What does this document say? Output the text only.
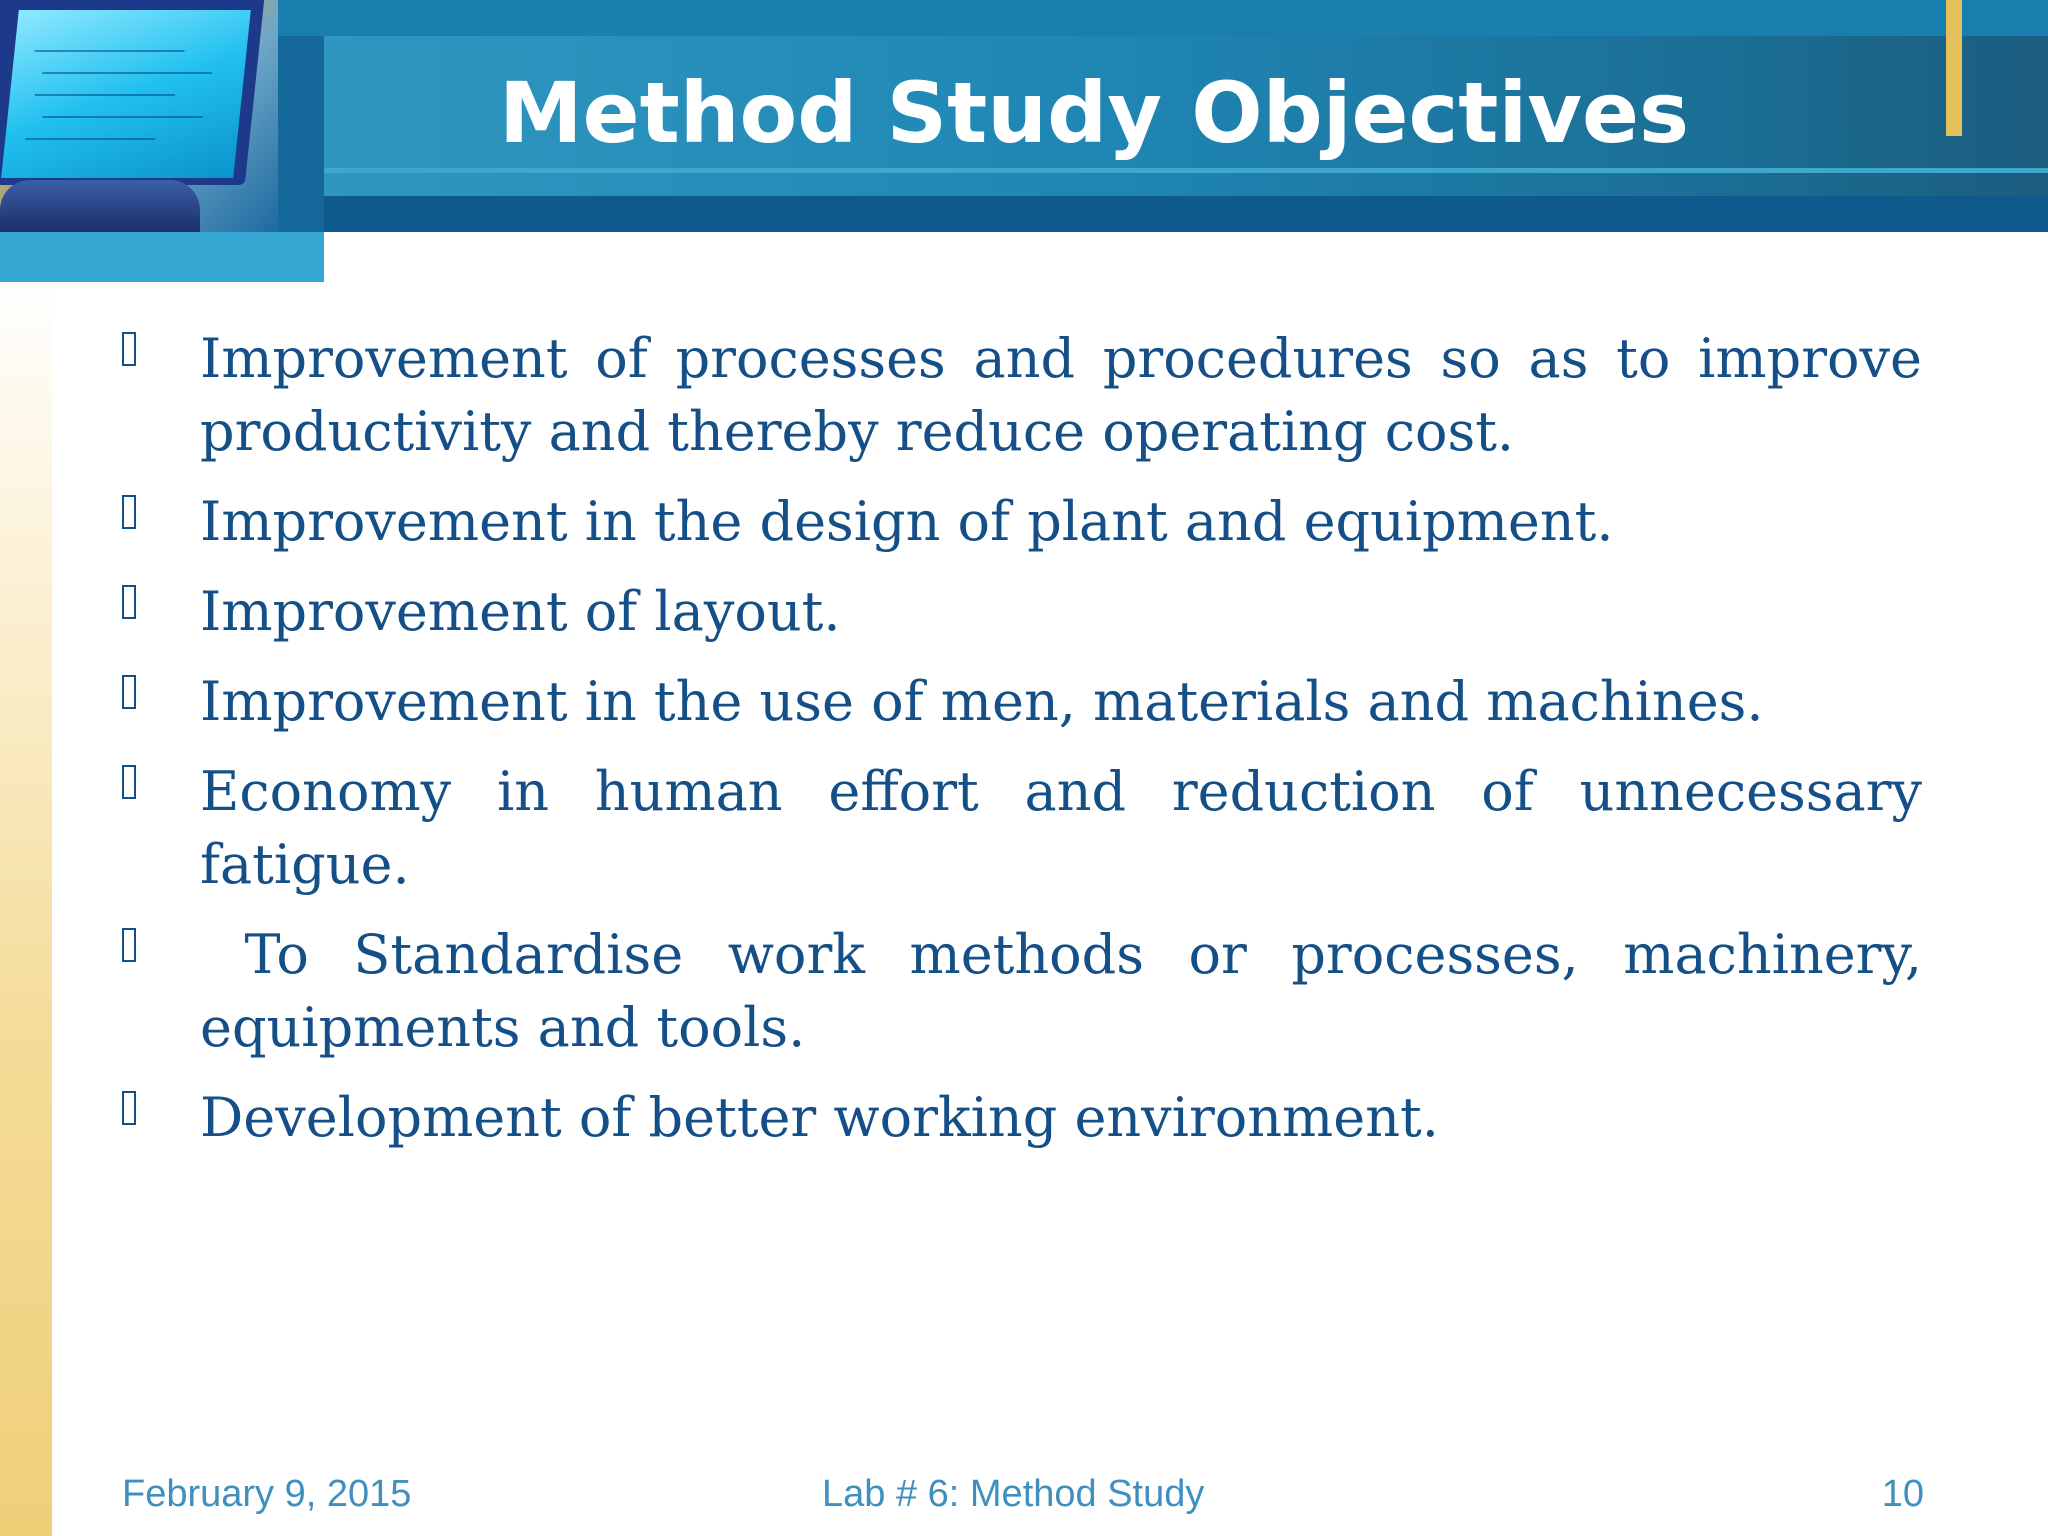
Method Study Objectives
Improvement of processes and procedures so as to improve productivity and thereby reduce operating cost.
Improvement in the design of plant and equipment.
Improvement of layout.
Improvement in the use of men, materials and machines.
Economy in human effort and reduction of unnecessary fatigue.
To Standardise work methods or processes, machinery, equipments and tools.
Development of better working environment.
February 9, 2015	Lab # 6: Method Study	10
